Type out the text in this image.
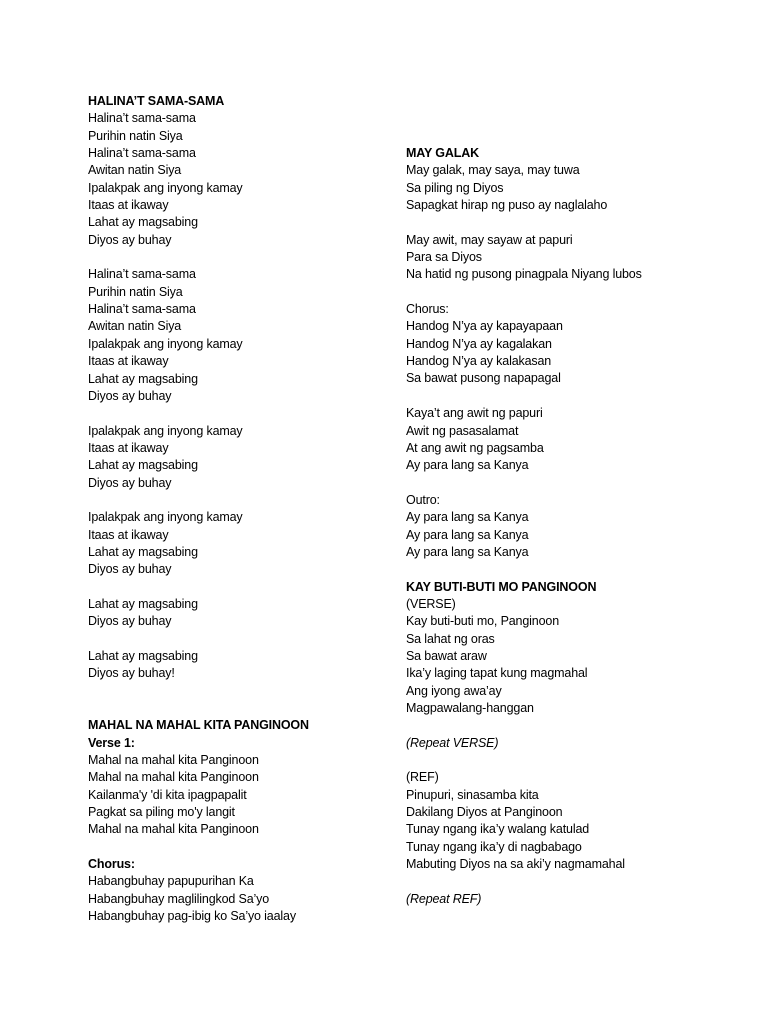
HALINA’T SAMA-SAMA
Halina’t sama-sama
Purihin natin Siya
Halina’t sama-sama
Awitan natin Siya
Ipalakpak ang inyong kamay
Itaas at ikaway
Lahat ay magsabing
Diyos ay buhay
Halina’t sama-sama
Purihin natin Siya
Halina’t sama-sama
Awitan natin Siya
Ipalakpak ang inyong kamay
Itaas at ikaway
Lahat ay magsabing
Diyos ay buhay
Ipalakpak ang inyong kamay
Itaas at ikaway
Lahat ay magsabing
Diyos ay buhay
Ipalakpak ang inyong kamay
Itaas at ikaway
Lahat ay magsabing
Diyos ay buhay
Lahat ay magsabing
Diyos ay buhay
Lahat ay magsabing
Diyos ay buhay!
MAHAL NA MAHAL KITA PANGINOON
Verse 1:
Mahal na mahal kita Panginoon
Mahal na mahal kita Panginoon
Kailanma'y 'di kita ipagpapalit
Pagkat sa piling mo'y langit
Mahal na mahal kita Panginoon
Chorus:
Habangbuhay papupurihan Ka
Habangbuhay maglilingkod Sa’yo
Habangbuhay pag-ibig ko Sa’yo iaalay
MAY GALAK
May galak, may saya, may tuwa
Sa piling ng Diyos
Sapagkat hirap ng puso ay naglalaho
May awit, may sayaw at papuri
Para sa Diyos
Na hatid ng pusong pinagpala Niyang lubos
Chorus:
Handog N’ya ay kapayapaan
Handog N’ya ay kagalakan
Handog N’ya ay kalakasan
Sa bawat pusong napapagal
Kaya’t ang awit ng papuri
Awit ng pasasalamat
At ang awit ng pagsamba
Ay para lang sa Kanya
Outro:
Ay para lang sa Kanya
Ay para lang sa Kanya
Ay para lang sa Kanya
KAY BUTI-BUTI MO PANGINOON
(VERSE)
Kay buti-buti mo, Panginoon
Sa lahat ng oras
Sa bawat araw
Ika’y laging tapat kung magmahal
Ang iyong awa’ay
Magpawalang-hanggan
(Repeat VERSE)
(REF)
Pinupuri, sinasamba kita
Dakilang Diyos at Panginoon
Tunay ngang ika’y walang katulad
Tunay ngang ika’y di nagbabago
Mabuting Diyos na sa aki’y nagmamahal
(Repeat REF)
